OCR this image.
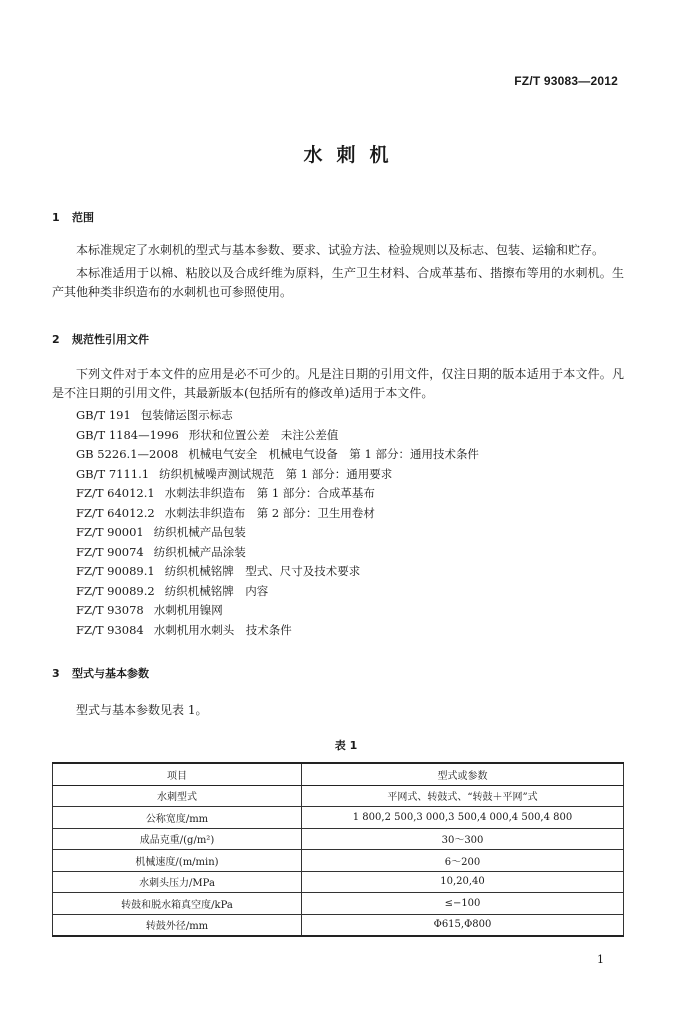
FZ/T 93083—2012
水刺机
1 范围
本标准规定了水刺机的型式与基本参数、要求、试验方法、检验规则以及标志、包装、运输和贮存。
本标准适用于以棉、粘胶以及合成纤维为原料，生产卫生材料、合成革基布、揩擦布等用的水刺机。生产其他种类非织造布的水刺机也可参照使用。
2 规范性引用文件
下列文件对于本文件的应用是必不可少的。凡是注日期的引用文件，仅注日期的版本适用于本文件。凡是不注日期的引用文件，其最新版本(包括所有的修改单)适用于本文件。
GB/T 191 包装储运图示标志
GB/T 1184—1996 形状和位置公差　未注公差值
GB 5226.1—2008 机械电气安全　机械电气设备　第 1 部分：通用技术条件
GB/T 7111.1 纺织机械噪声测试规范　第 1 部分：通用要求
FZ/T 64012.1 水刺法非织造布　第 1 部分：合成革基布
FZ/T 64012.2 水刺法非织造布　第 2 部分：卫生用卷材
FZ/T 90001 纺织机械产品包装
FZ/T 90074 纺织机械产品涂装
FZ/T 90089.1 纺织机械铭牌　型式、尺寸及技术要求
FZ/T 90089.2 纺织机械铭牌　内容
FZ/T 93078 水刺机用镍网
FZ/T 93084 水刺机用水刺头　技术条件
3 型式与基本参数
型式与基本参数见表 1。
表 1
项目	型式或参数
水刺型式	平网式、转鼓式、“转鼓＋平网”式
公称宽度/mm	1 800,2 500,3 000,3 500,4 000,4 500,4 800
成品克重/(g/m²)	30～300
机械速度/(m/min)	6～200
水刺头压力/MPa	10,20,40
转鼓和脱水箱真空度/kPa	≤−100
转鼓外径/mm	Φ615,Φ800
1
